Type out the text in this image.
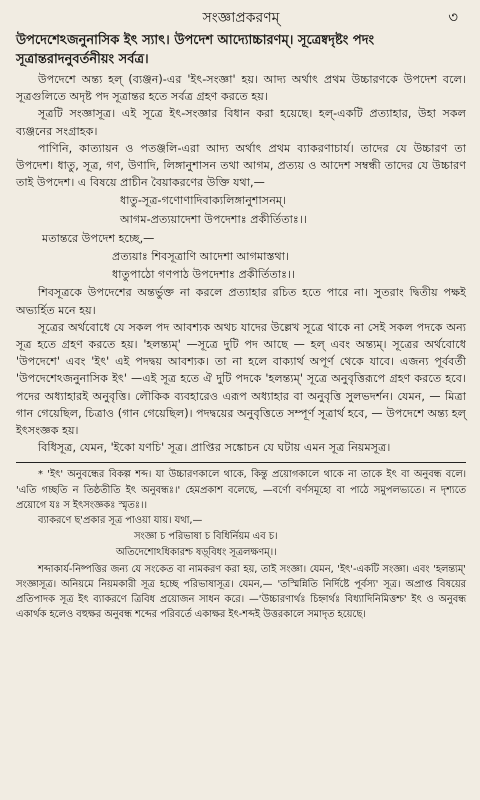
সংজ্ঞাপ্রকরণম্	৩
উপদেশেঽজনুনাসিক ইৎ স্যাৎ। উপদেশ আদ্যোচ্চারণম্। সূত্রেষ্বদৃষ্টং পদং সূত্রান্তরাদনুবর্তনীয়ং সর্বত্র।

উপদেশে অন্ত্য হল্ (ব্যঞ্জন)-এর 'ইৎ-সংজ্ঞা' হয়। আদ্য অর্থাৎ প্রথম উচ্চারণকে উপদেশ বলে। সূত্রগুলিতে অদৃষ্ট পদ সূত্রান্তর হতে সর্বত্র গ্রহণ করতে হয়।

সূত্রটি সংজ্ঞাসূত্র। এই সূত্রে ইৎ-সংজ্ঞার বিধান করা হয়েছে। হল্-একটি প্রত্যাহার, উহা সকল ব্যঞ্জনের সংগ্রাহক।

পাণিনি, কাত্যায়ন ও পতঞ্জলি-এরা আদ্য অর্থাৎ প্রথম ব্যাকরণাচার্য। তাদের যে উচ্চারণ তা উপদেশ। ধাতু, সূত্র, গণ, উণাদি, লিঙ্গানুশাসন তথা আগম, প্রত্যয় ও আদেশ সম্বন্ধী তাদের যে উচ্চারণ তাই উপদেশ। এ বিষয়ে প্রাচীন বৈয়াকরণের উক্তি যথা,—

ধাতু-সূত্র-গণোণাদিবাক্যলিঙ্গানুশাসনম্।
আগম-প্রত্যয়াদেশা উপদেশাঃ প্রকীর্তিতাঃ।।
মতান্তরে উপদেশ হচ্ছে,—
প্রত্যয়াঃ শিবসূত্রাণি আদেশা আগমাস্তথা।
ধাতুপাঠো গণপাঠ উপদেশাঃ প্রকীর্তিতাঃ।।

শিবসূত্রকে উপদেশের অন্তর্ভুক্ত না করলে প্রত্যাহার রচিত হতে পারে না। সুতরাং দ্বিতীয় পক্ষই অভ্যর্হিত মনে হয়।

সূত্রের অর্থবোধে যে সকল পদ আবশ্যক অথচ যাদের উল্লেখ সূত্রে থাকে না সেই সকল পদকে অন্য সূত্র হতে গ্রহণ করতে হয়। 'হলন্ত্যম্' —সূত্রে দুটি পদ আছে — হল্ এবং অন্ত্যম্। সূত্রের অর্থবোধে 'উপদেশে' এবং 'ইৎ' এই পদদ্বয় আবশ্যক। তা না হলে বাক্যার্থ অপূর্ণ থেকে যাবে। এজন্য পূর্ববর্তী 'উপদেশেঽজনুনাসিক ইৎ' —এই সূত্র হতে ঐ দুটি পদকে 'হলন্ত্যম্' সূত্রে অনুবৃত্তিরূপে গ্রহণ করতে হবে। পদের অধ্যাহারই অনুবৃত্তি। লৌকিক ব্যবহারেও এরূপ অধ্যাহার বা অনুবৃত্তি সুলভদর্শন। যেমন, — মিত্রা গান গেয়েছিল, চিত্রাও (গান গেয়েছিল)। পদদ্বয়ের অনুবৃত্তিতে সম্পূর্ণ সূত্রার্থ হবে, — উপদেশে অন্ত্য হল্ ইৎসংজ্ঞক হয়।

বিধিসূত্র, যেমন, 'ইকো যণচি' সূত্র। প্রাপ্তির সঙ্কোচন যে ঘটায় এমন সূত্র নিয়মসূত্র।

* 'ইৎ' অনুবন্ধের বিকল্প শব্দ। যা উচ্চারণকালে থাকে, কিন্তু প্রয়োগকালে থাকে না তাকে ইৎ বা অনুবন্ধ বলে। 'এতি গচ্ছতি ন তিষ্ঠতীতি ইৎ অনুবন্ধঃ।' হেমপ্রকাশ বলেছে, —বর্ণো বর্ণসমূহো বা পাঠে সমুপলভ্যতে। ন দৃশ্যতে প্রয়োগে যঃ স ইৎসংজ্ঞকঃ স্মৃতঃ।।

ব্যাকরণে ছ'প্রকার সূত্র পাওয়া যায়। যথা,—

সংজ্ঞা চ পরিভাষা চ বিধির্নিয়ম এব চ।
অতিদেশোঽধিকারশ্চ ষড়্‌বিধং সূত্রলক্ষণম্।।

শব্দাকার্য-নিষ্পত্তির জন্য যে সংকেত বা নামকরণ করা হয়, তাই সংজ্ঞা। যেমন, 'ইৎ'-একটি সংজ্ঞা। এবং 'হলন্ত্যম্' সংজ্ঞাসূত্র। অনিয়মে নিয়মকারী সূত্র হচ্ছে পরিভাষাসূত্র। যেমন,— 'তস্মিন্নিতি নির্দিষ্টে পূর্বস্য' সূত্র। অপ্রাপ্ত বিষয়ের প্রতিপাদক সূত্র ইৎ ব্যাকরণে ত্রিবিধ প্রয়োজন সাধন করে। —'উচ্চারণার্থঃ চিহ্নার্থঃ বিধ্যাদিনিমিত্তশ্চ' ইৎ ও অনুবন্ধ একার্থক হলেও বহুক্ষর অনুবন্ধ শব্দের পরিবর্তে একাক্ষর ইৎ-শব্দই উত্তরকালে সমাদৃত হয়েছে।
